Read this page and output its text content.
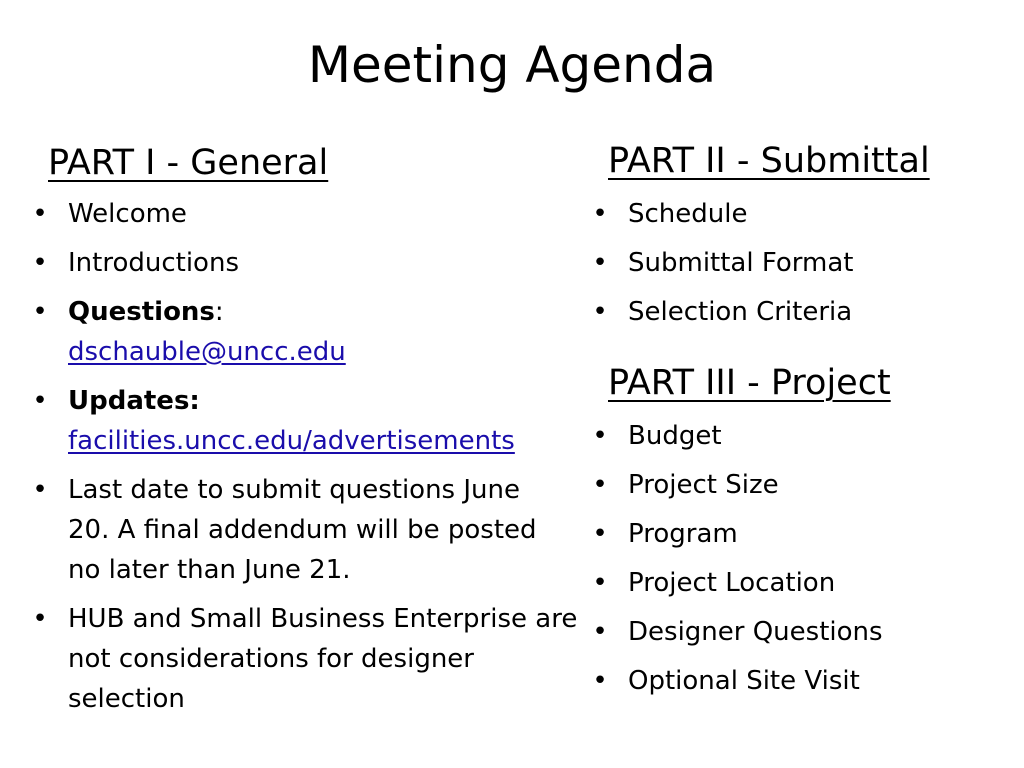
Meeting Agenda
PART I - General
• Welcome
• Introductions
• Questions:
dschauble@uncc.edu
• Updates:
facilities.uncc.edu/advertisements
• Last date to submit questions June 20. A final addendum will be posted no later than June 21.
• HUB and Small Business Enterprise are not considerations for designer selection
PART II - Submittal
• Schedule
• Submittal Format
• Selection Criteria
PART III - Project
• Budget
• Project Size
• Program
• Project Location
• Designer Questions
• Optional Site Visit
